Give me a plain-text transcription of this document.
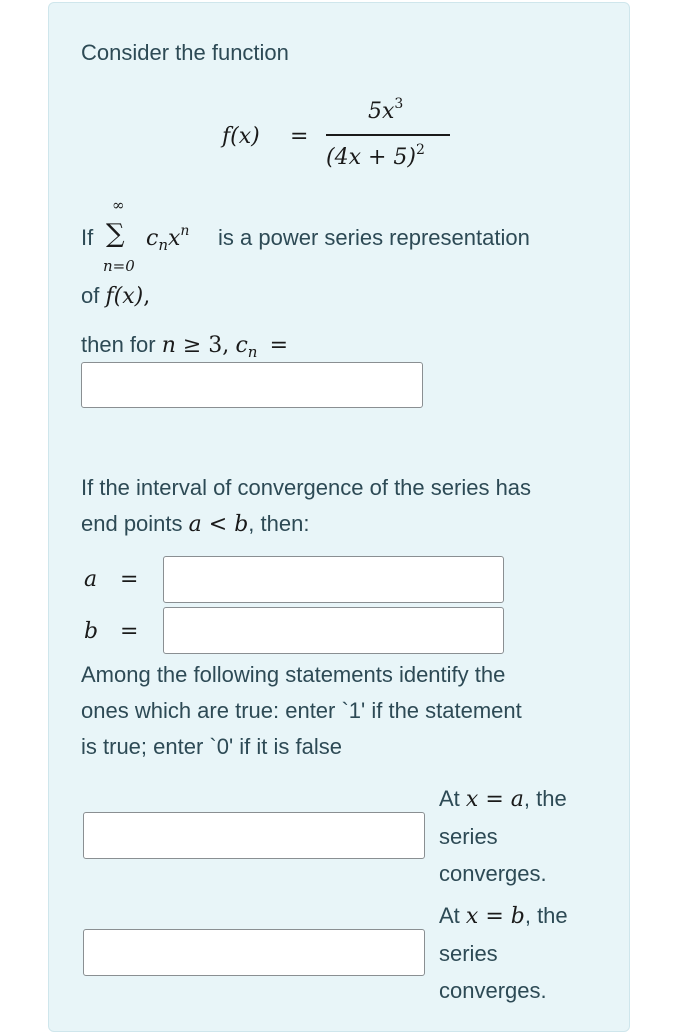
Consider the function
f(x) =
$5x^3$
$(4x + 5)^2$
If
∞
∑
n=0
$c_nx^n$ is a power series representation
of f(x),
then for n ≥ 3, $c_n$ =
If the interval of convergence of the series has
end points a < b, then:
a =
b =
Among the following statements identify the
ones which are true: enter `1' if the statement
is true; enter `0' if it is false
At x = a, the
series
converges.
At x = b, the
series
converges.
